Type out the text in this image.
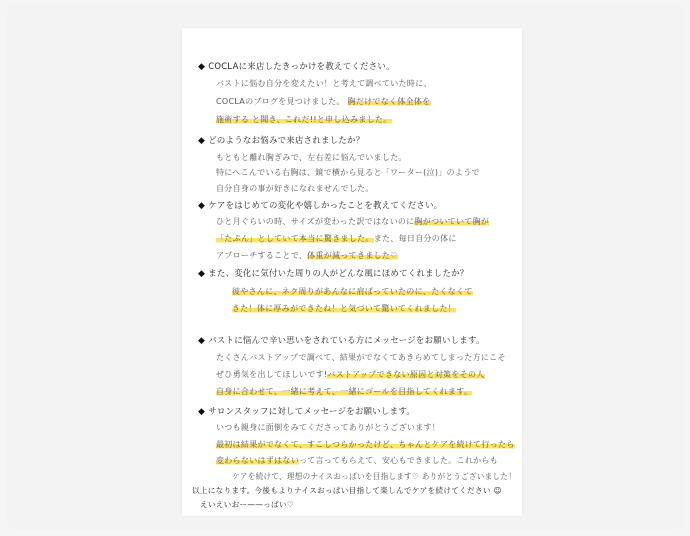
◆ COCLAに来店したきっかけを教えてください。
バストに悩む自分を変えたい！と考えて調べていた時に、
COCLAのブログを見つけました。 胸だけでなく体全体を
施術する と聞き、これだ!!と申し込みました。
◆ どのようなお悩みで来店されましたか？
もともと離れ胸ぎみで、左右差に悩んでいました。
特にへこんでいる右胸は、鏡で横から見ると「ワーター(泣)」のようで
自分自身の事が好きになれませんでした。
◆ ケアをはじめての変化や嬉しかったことを教えてください。
ひと月ぐらいの時、サイズが変わった訳ではないのに胸がついていて胸が
「たぷん」としていて本当に驚きました。また、毎日自分の体に
アプローチすることで、体重が減ってきました♡
◆ また、変化に気付いた周りの人がどんな風にほめてくれましたか？
彼やさんに、ネク周りがあんなに肩ばっていたのに、たくなくて
きた！体に厚みができたね！と気づいて驚いてくれました！
◆ バストに悩んで辛い思いをされている方にメッセージをお願いします。
たくさんバストアップで調べて、結果がでなくてあきらめてしまった方にこそ
ぜひ勇気を出してほしいです!バストアップできない原因と対策をその人
自身に合わせて、一緒に考えて、一緒にゴールを目指してくれます。
◆ サロンスタッフに対してメッセージをお願いします。
いつも親身に面倒をみてくださってありがとうございます！
最初は結果がでなくて、すこしつらかったけど、ちゃんとケアを続けて行ったら
変わらないはずはないって言ってもらえて、安心もできました。これからも
ケアを続けて、理想のナイスおっぱいを目指します♡ ありがとうございました！
以上になります。今後もよりナイスおっぱい目指して楽しんでケアを続けてください ☺
えいえいおー——っぱい♡
